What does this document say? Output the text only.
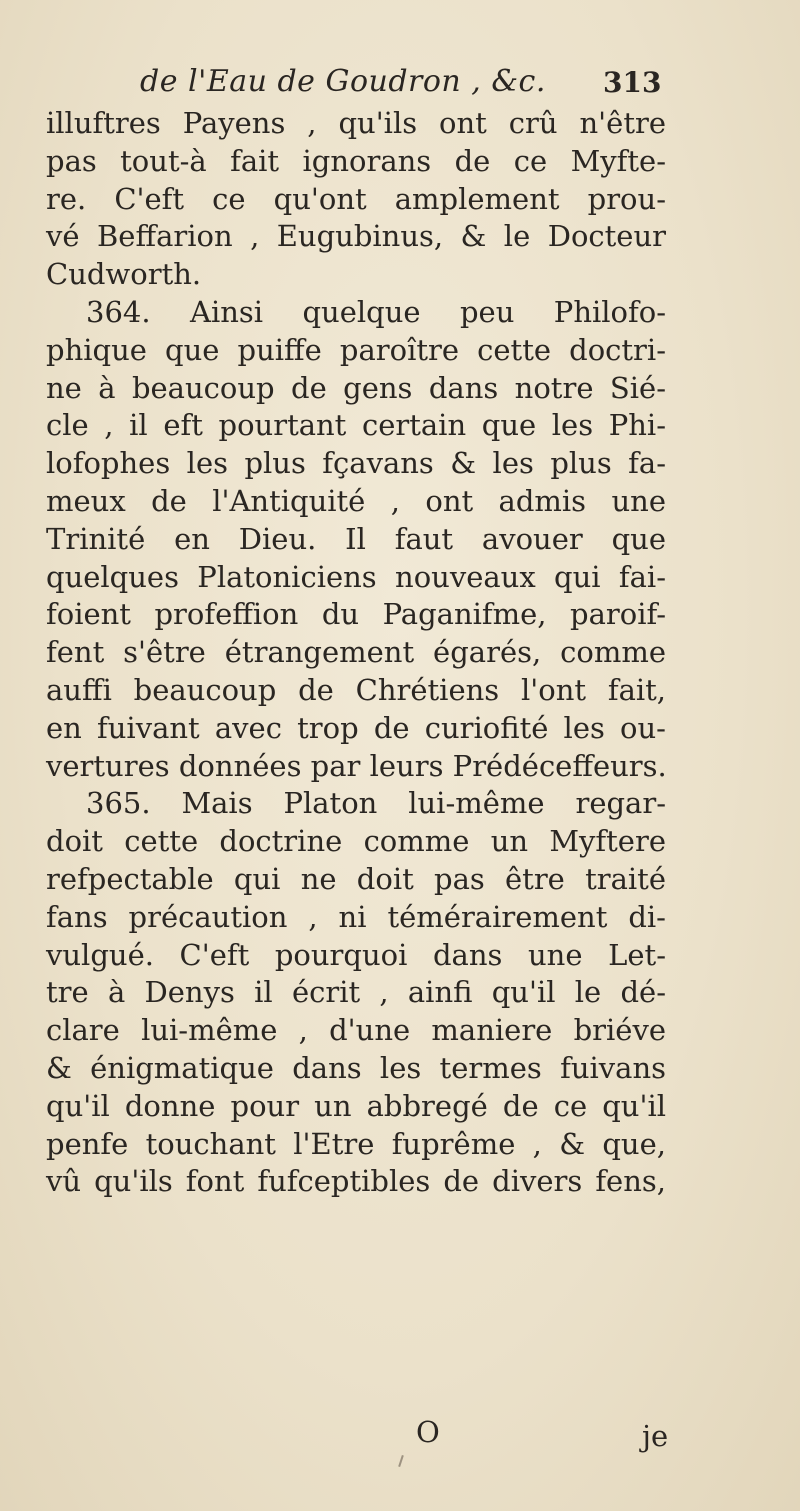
de l'Eau de Goudron , &c. 313
illuftres Payens , qu'ils ont crû n'être
pas tout-à fait ignorans de ce Myfte-
re. C'eft ce qu'ont amplement prou-
vé Beffarion , Eugubinus, & le Docteur
Cudworth.
364. Ainsi quelque peu Philofo-
phique que puiffe paroître cette doctri-
ne à beaucoup de gens dans notre Sié-
cle , il eft pourtant certain que les Phi-
lofophes les plus fçavans & les plus fa-
meux de l'Antiquité , ont admis une
Trinité en Dieu. Il faut avouer que
quelques Platoniciens nouveaux qui fai-
foient profeffion du Paganifme, paroif-
fent s'être étrangement égarés, comme
auffi beaucoup de Chrétiens l'ont fait,
en fuivant avec trop de curiofité les ou-
vertures données par leurs Prédéceffeurs.
365. Mais Platon lui-même regar-
doit cette doctrine comme un Myftere
refpectable qui ne doit pas être traité
fans précaution , ni témérairement di-
vulgué. C'eft pourquoi dans une Let-
tre à Denys il écrit , ainfi qu'il le dé-
clare lui-même , d'une maniere briéve
& énigmatique dans les termes fuivans
qu'il donne pour un abbregé de ce qu'il
penfe touchant l'Etre fuprême , & que,
vû qu'ils font fufceptibles de divers fens,
O	je
